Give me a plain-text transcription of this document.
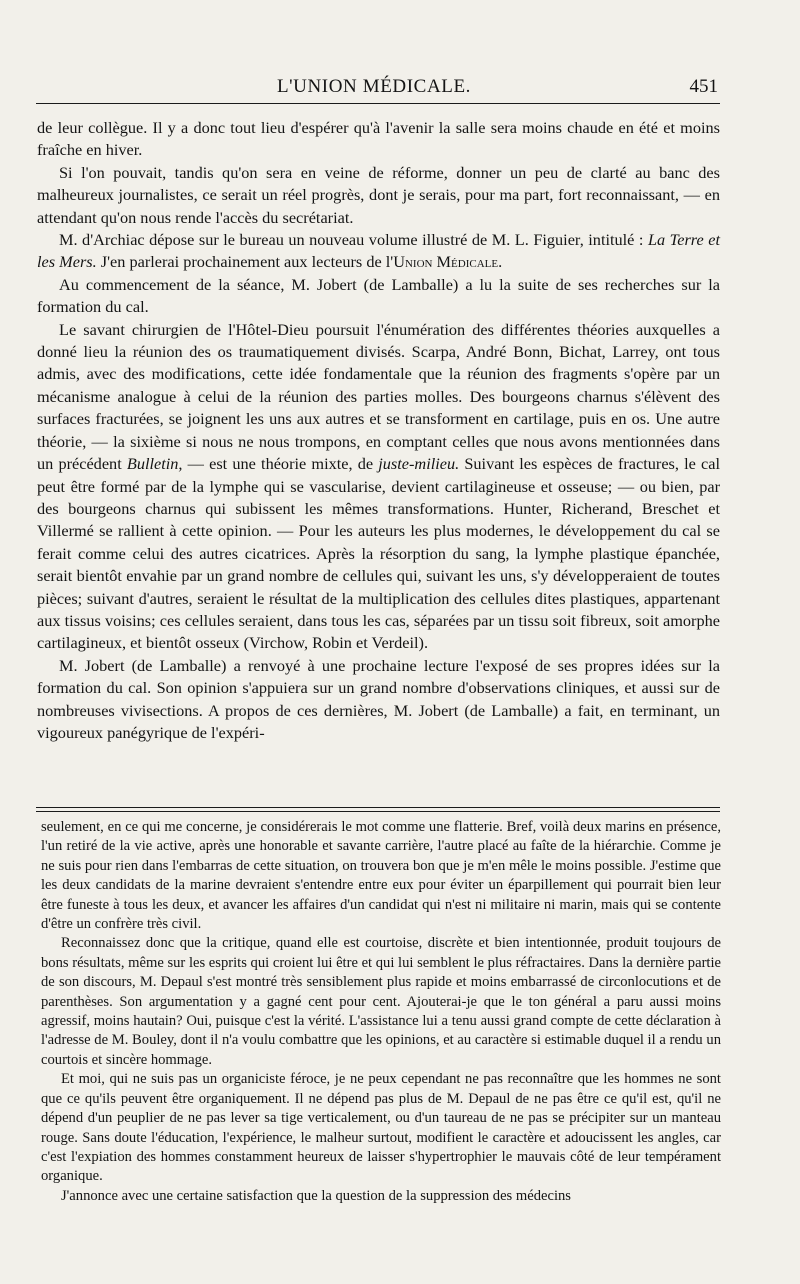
L'UNION MÉDICALE.	451

de leur collègue. Il y a donc tout lieu d'espérer qu'à l'avenir la salle sera moins chaude en été et moins fraîche en hiver.

Si l'on pouvait, tandis qu'on sera en veine de réforme, donner un peu de clarté au banc des malheureux journalistes, ce serait un réel progrès, dont je serais, pour ma part, fort reconnaissant, — en attendant qu'on nous rende l'accès du secrétariat.

M. d'Archiac dépose sur le bureau un nouveau volume illustré de M. L. Figuier, intitulé : La Terre et les Mers. J'en parlerai prochainement aux lecteurs de l'Union Médicale.

Au commencement de la séance, M. Jobert (de Lamballe) a lu la suite de ses recherches sur la formation du cal.

Le savant chirurgien de l'Hôtel-Dieu poursuit l'énumération des différentes théories auxquelles a donné lieu la réunion des os traumatiquement divisés. Scarpa, André Bonn, Bichat, Larrey, ont tous admis, avec des modifications, cette idée fondamentale que la réunion des fragments s'opère par un mécanisme analogue à celui de la réunion des parties molles. Des bourgeons charnus s'élèvent des surfaces fracturées, se joignent les uns aux autres et se transforment en cartilage, puis en os. Une autre théorie, — la sixième si nous ne nous trompons, en comptant celles que nous avons mentionnées dans un précédent Bulletin, — est une théorie mixte, de juste-milieu. Suivant les espèces de fractures, le cal peut être formé par de la lymphe qui se vascularise, devient cartilagineuse et osseuse; — ou bien, par des bourgeons charnus qui subissent les mêmes transformations. Hunter, Richerand, Breschet et Villermé se rallient à cette opinion. — Pour les auteurs les plus modernes, le développement du cal se ferait comme celui des autres cicatrices. Après la résorption du sang, la lymphe plastique épanchée, serait bientôt envahie par un grand nombre de cellules qui, suivant les uns, s'y développeraient de toutes pièces; suivant d'autres, seraient le résultat de la multiplication des cellules dites plastiques, appartenant aux tissus voisins; ces cellules seraient, dans tous les cas, séparées par un tissu soit fibreux, soit amorphe cartilagineux, et bientôt osseux (Virchow, Robin et Verdeil).

M. Jobert (de Lamballe) a renvoyé à une prochaine lecture l'exposé de ses propres idées sur la formation du cal. Son opinion s'appuiera sur un grand nombre d'observations cliniques, et aussi sur de nombreuses vivisections. A propos de ces dernières, M. Jobert (de Lamballe) a fait, en terminant, un vigoureux panégyrique de l'expéri-

seulement, en ce qui me concerne, je considérerais le mot comme une flatterie. Bref, voilà deux marins en présence, l'un retiré de la vie active, après une honorable et savante carrière, l'autre placé au faîte de la hiérarchie. Comme je ne suis pour rien dans l'embarras de cette situation, on trouvera bon que je m'en mêle le moins possible. J'estime que les deux candidats de la marine devraient s'entendre entre eux pour éviter un éparpillement qui pourrait bien leur être funeste à tous les deux, et avancer les affaires d'un candidat qui n'est ni militaire ni marin, mais qui se contente d'être un confrère très civil.

Reconnaissez donc que la critique, quand elle est courtoise, discrète et bien intentionnée, produit toujours de bons résultats, même sur les esprits qui croient lui être et qui lui semblent le plus réfractaires. Dans la dernière partie de son discours, M. Depaul s'est montré très sensiblement plus rapide et moins embarrassé de circonlocutions et de parenthèses. Son argumentation y a gagné cent pour cent. Ajouterai-je que le ton général a paru aussi moins agressif, moins hautain? Oui, puisque c'est la vérité. L'assistance lui a tenu aussi grand compte de cette déclaration à l'adresse de M. Bouley, dont il n'a voulu combattre que les opinions, et au caractère si estimable duquel il a rendu un courtois et sincère hommage.

Et moi, qui ne suis pas un organiciste féroce, je ne peux cependant ne pas reconnaître que les hommes ne sont que ce qu'ils peuvent être organiquement. Il ne dépend pas plus de M. Depaul de ne pas être ce qu'il est, qu'il ne dépend d'un peuplier de ne pas lever sa tige verticalement, ou d'un taureau de ne pas se précipiter sur un manteau rouge. Sans doute l'éducation, l'expérience, le malheur surtout, modifient le caractère et adoucissent les angles, car c'est l'expiation des hommes constamment heureux de laisser s'hypertrophier le mauvais côté de leur tempérament organique.

J'annonce avec une certaine satisfaction que la question de la suppression des médecins
